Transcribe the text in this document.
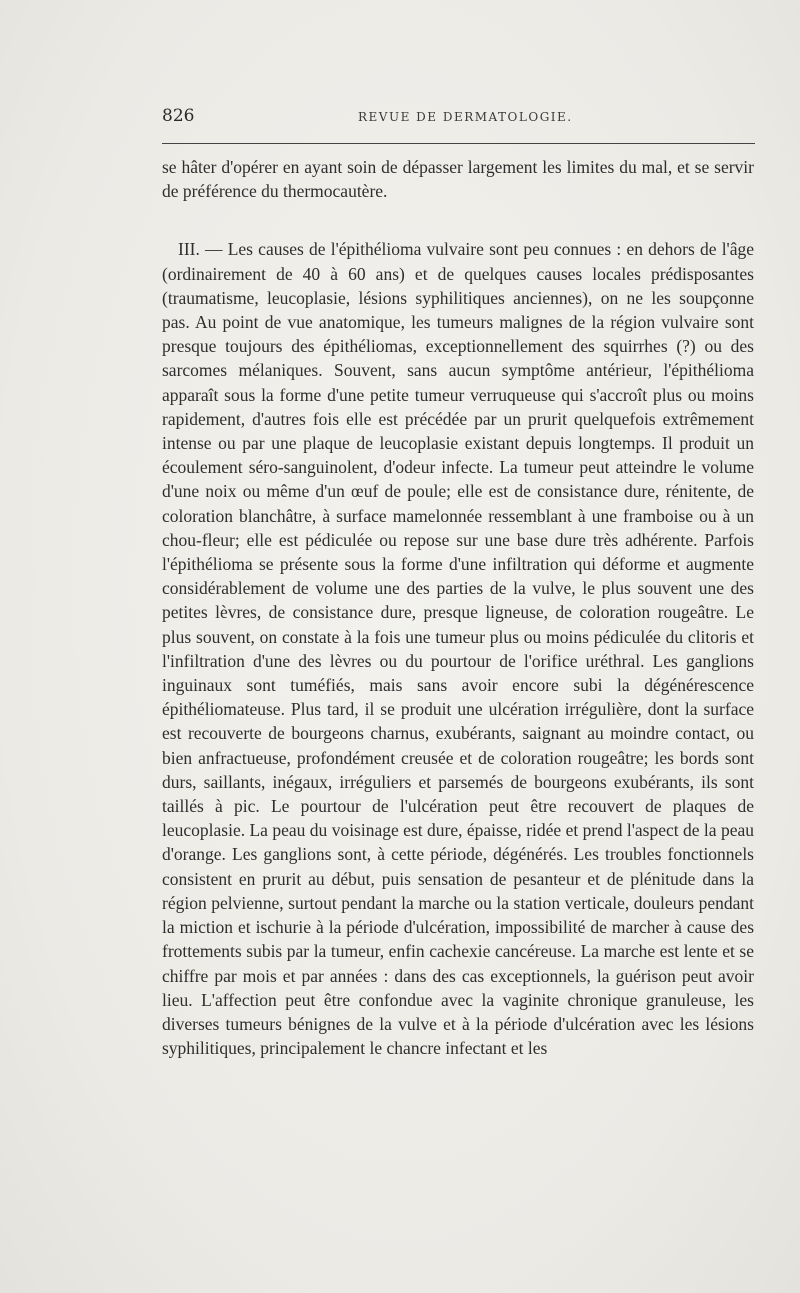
826	REVUE DE DERMATOLOGIE.

se hâter d'opérer en ayant soin de dépasser largement les limites du mal, et se servir de préférence du thermocautère.

III. — Les causes de l'épithélioma vulvaire sont peu connues : en dehors de l'âge (ordinairement de 40 à 60 ans) et de quelques causes locales prédisposantes (traumatisme, leucoplasie, lésions syphilitiques anciennes), on ne les soupçonne pas. Au point de vue anatomique, les tumeurs malignes de la région vulvaire sont presque toujours des épithéliomas, exceptionnellement des squirrhes (?) ou des sarcomes mélaniques. Souvent, sans aucun symptôme antérieur, l'épithélioma apparaît sous la forme d'une petite tumeur verruqueuse qui s'accroît plus ou moins rapidement, d'autres fois elle est précédée par un prurit quelquefois extrêmement intense ou par une plaque de leucoplasie existant depuis longtemps. Il produit un écoulement séro-sanguinolent, d'odeur infecte. La tumeur peut atteindre le volume d'une noix ou même d'un œuf de poule; elle est de consistance dure, rénitente, de coloration blanchâtre, à surface mamelonnée ressemblant à une framboise ou à un chou-fleur; elle est pédiculée ou repose sur une base dure très adhérente. Parfois l'épithélioma se présente sous la forme d'une infiltration qui déforme et augmente considérablement de volume une des parties de la vulve, le plus souvent une des petites lèvres, de consistance dure, presque ligneuse, de coloration rougeâtre. Le plus souvent, on constate à la fois une tumeur plus ou moins pédiculée du clitoris et l'infiltration d'une des lèvres ou du pourtour de l'orifice uréthral. Les ganglions inguinaux sont tuméfiés, mais sans avoir encore subi la dégénérescence épithéliomateuse. Plus tard, il se produit une ulcération irrégulière, dont la surface est recouverte de bourgeons charnus, exubérants, saignant au moindre contact, ou bien anfractueuse, profondément creusée et de coloration rougeâtre; les bords sont durs, saillants, inégaux, irréguliers et parsemés de bourgeons exubérants, ils sont taillés à pic. Le pourtour de l'ulcération peut être recouvert de plaques de leucoplasie. La peau du voisinage est dure, épaisse, ridée et prend l'aspect de la peau d'orange. Les ganglions sont, à cette période, dégénérés. Les troubles fonctionnels consistent en prurit au début, puis sensation de pesanteur et de plénitude dans la région pelvienne, surtout pendant la marche ou la station verticale, douleurs pendant la miction et ischurie à la période d'ulcération, impossibilité de marcher à cause des frottements subis par la tumeur, enfin cachexie cancéreuse. La marche est lente et se chiffre par mois et par années : dans des cas exceptionnels, la guérison peut avoir lieu. L'affection peut être confondue avec la vaginite chronique granuleuse, les diverses tumeurs bénignes de la vulve et à la période d'ulcération avec les lésions syphilitiques, principalement le chancre infectant et les
